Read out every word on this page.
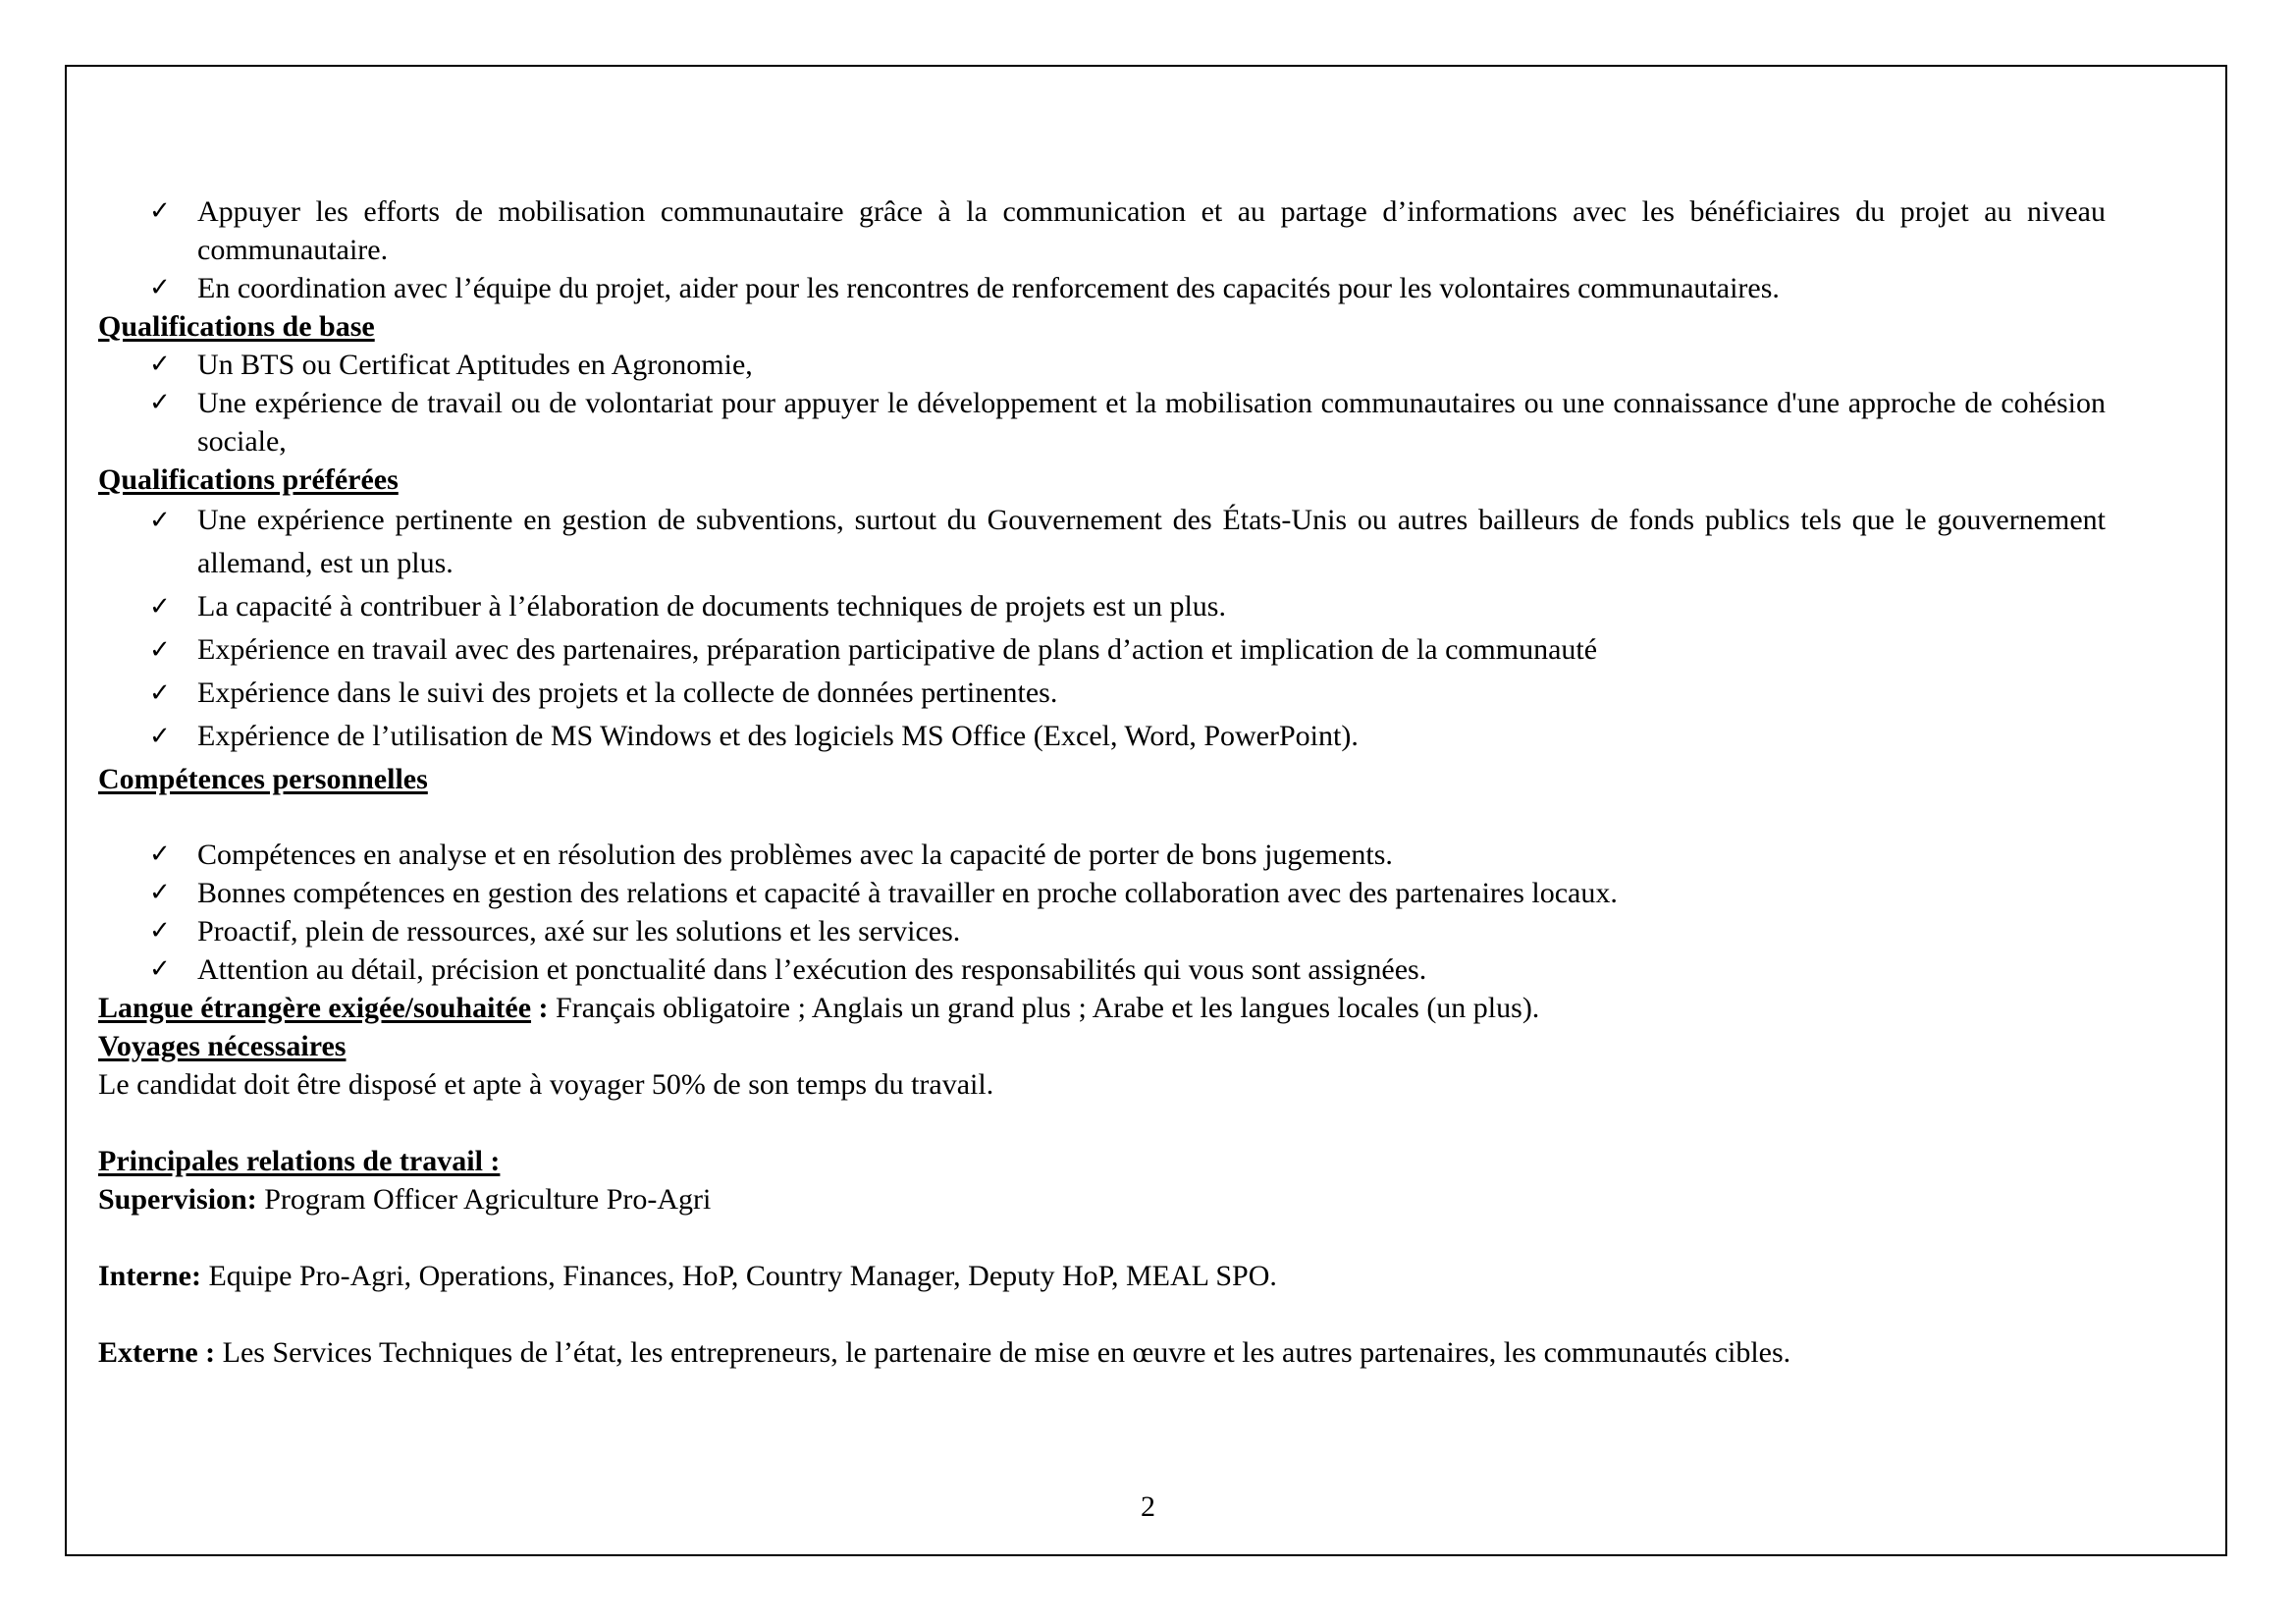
✓ Appuyer les efforts de mobilisation communautaire grâce à la communication et au partage d’informations avec les bénéficiaires du projet au niveau communautaire.
✓ En coordination avec l’équipe du projet, aider pour les rencontres de renforcement des capacités pour les volontaires communautaires.
Qualifications de base
✓ Un BTS ou Certificat Aptitudes en Agronomie,
✓ Une expérience de travail ou de volontariat pour appuyer le développement et la mobilisation communautaires ou une connaissance d'une approche de cohésion sociale,
Qualifications préférées
✓ Une expérience pertinente en gestion de subventions, surtout du Gouvernement des États-Unis ou autres bailleurs de fonds publics tels que le gouvernement allemand, est un plus.
✓ La capacité à contribuer à l’élaboration de documents techniques de projets est un plus.
✓ Expérience en travail avec des partenaires, préparation participative de plans d’action et implication de la communauté
✓ Expérience dans le suivi des projets et la collecte de données pertinentes.
✓ Expérience de l’utilisation de MS Windows et des logiciels MS Office (Excel, Word, PowerPoint).
Compétences personnelles
✓ Compétences en analyse et en résolution des problèmes avec la capacité de porter de bons jugements.
✓ Bonnes compétences en gestion des relations et capacité à travailler en proche collaboration avec des partenaires locaux.
✓ Proactif, plein de ressources, axé sur les solutions et les services.
✓ Attention au détail, précision et ponctualité dans l’exécution des responsabilités qui vous sont assignées.

Langue étrangère exigée/souhaitée : Français obligatoire ; Anglais un grand plus ; Arabe et les langues locales (un plus).

Voyages nécessaires

Le candidat doit être disposé et apte à voyager 50% de son temps du travail.

Principales relations de travail :

Supervision: Program Officer Agriculture Pro-Agri

Interne: Equipe Pro-Agri, Operations, Finances, HoP, Country Manager, Deputy HoP, MEAL SPO.

Externe : Les Services Techniques de l’état, les entrepreneurs, le partenaire de mise en œuvre et les autres partenaires, les communautés cibles.

2
